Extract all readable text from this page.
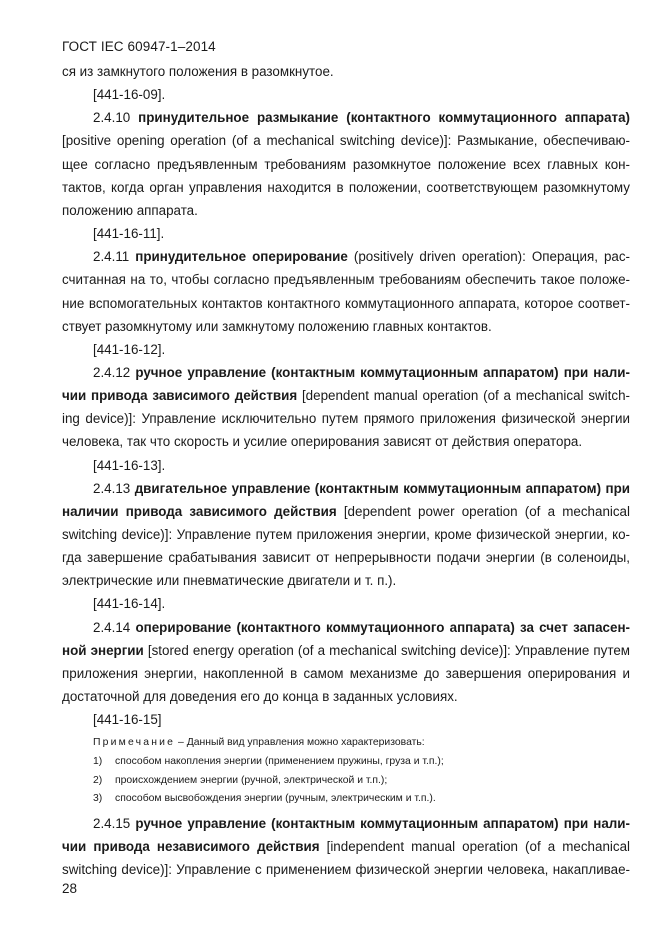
ГОСТ IEC 60947-1–2014
ся из замкнутого положения в разомкнутое.
[441-16-09].
2.4.10 принудительное размыкание (контактного коммутационного аппарата)
[positive opening operation (of a mechanical switching device)]: Размыкание, обеспечиваю-
щее согласно предъявленным требованиям разомкнутое положение всех главных кон-
тактов, когда орган управления находится в положении, соответствующем разомкнутому
положению аппарата.
[441-16-11].
2.4.11 принудительное оперирование (positively driven operation): Операция, рас-
считанная на то, чтобы согласно предъявленным требованиям обеспечить такое положе-
ние вспомогательных контактов контактного коммутационного аппарата, которое соответ-
ствует разомкнутому или замкнутому положению главных контактов.
[441-16-12].
2.4.12 ручное управление (контактным коммутационным аппаратом) при нали-
чии привода зависимого действия [dependent manual operation (of a mechanical switch-
ing device)]: Управление исключительно путем прямого приложения физической энергии
человека, так что скорость и усилие оперирования зависят от действия оператора.
[441-16-13].
2.4.13 двигательное управление (контактным коммутационным аппаратом) при
наличии привода зависимого действия [dependent power operation (of a mechanical
switching device)]: Управление путем приложения энергии, кроме физической энергии, ко-
гда завершение срабатывания зависит от непрерывности подачи энергии (в соленоиды,
электрические или пневматические двигатели и т. п.).
[441-16-14].
2.4.14 оперирование (контактного коммутационного аппарата) за счет запасен-
ной энергии [stored energy operation (of a mechanical switching device)]: Управление путем
приложения энергии, накопленной в самом механизме до завершения оперирования и
достаточной для доведения его до конца в заданных условиях.
[441-16-15]
Примечание – Данный вид управления можно характеризовать:
1) способом накопления энергии (применением пружины, груза и т.п.);
2) происхождением энергии (ручной, электрической и т.п.);
3) способом высвобождения энергии (ручным, электрическим и т.п.).
2.4.15 ручное управление (контактным коммутационным аппаратом) при нали-
чии привода независимого действия [independent manual operation (of a mechanical
switching device)]: Управление с применением физической энергии человека, накапливае-
28
